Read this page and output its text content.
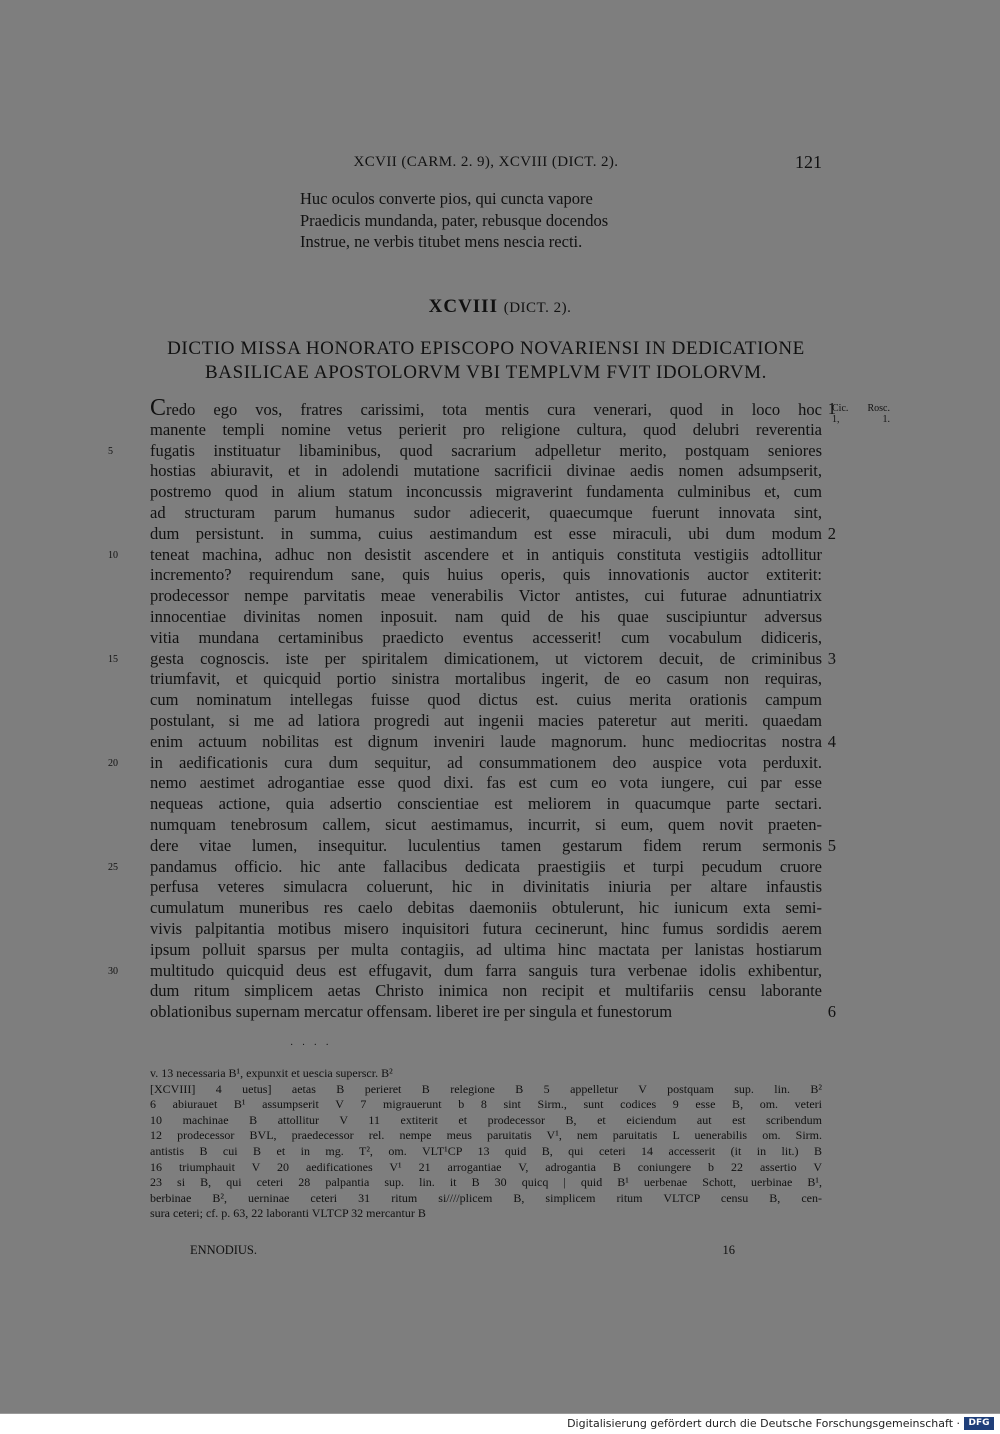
XCVII (CARM. 2. 9), XCVIII (DICT. 2).	121
Huc oculos converte pios, qui cuncta vapore
Praedicis mundanda, pater, rebusque docendos
Instrue, ne verbis titubet mens nescia recti.
XCVIII (DICT. 2).
DICTIO MISSA HONORATO EPISCOPO NOVARIENSI IN DEDICATIONE
BASILICAE APOSTOLORVM VBI TEMPLVM FVIT IDOLORVM.
Credo ego vos, fratres carissimi, tota mentis cura venerari, quod in loco hoc 1
Cic. Rosc.
1, 1.
manente templi nomine vetus perierit pro religione cultura, quod delubri reverentia
fugatis instituatur libaminibus, quod sacrarium adpelletur merito, postquam seniores
5
hostias abiuravit, et in adolendi mutatione sacrificii divinae aedis nomen adsumpserit,
postremo quod in alium statum inconcussis migraverint fundamenta culminibus et, cum
ad structuram parum humanus sudor adiecerit, quaecumque fuerunt innovata sint,
dum persistunt. in summa, cuius aestimandum est esse miraculi, ubi dum modum 2
teneat machina, adhuc non desistit ascendere et in antiquis constituta vestigiis adtollitur
10
incremento? requirendum sane, quis huius operis, quis innovationis auctor extiterit:
prodecessor nempe parvitatis meae venerabilis Victor antistes, cui futurae adnuntiatrix
innocentiae divinitas nomen inposuit. nam quid de his quae suscipiuntur adversus
vitia mundana certaminibus praedicto eventus accesserit! cum vocabulum didiceris,
gesta cognoscis. iste per spiritalem dimicationem, ut victorem decuit, de criminibus
15	3
triumfavit, et quicquid portio sinistra mortalibus ingerit, de eo casum non requiras,
cum nominatum intellegas fuisse quod dictus est. cuius merita orationis campum
postulant, si me ad latiora progredi aut ingenii macies pateretur aut meriti. quaedam
enim actuum nobilitas est dignum inveniri laude magnorum. hunc mediocritas nostra 4
in aedificationis cura dum sequitur, ad consummationem deo auspice vota perduxit.
20
nemo aestimet adrogantiae esse quod dixi. fas est cum eo vota iungere, cui par esse
nequeas actione, quia adsertio conscientiae est meliorem in quacumque parte sectari.
numquam tenebrosum callem, sicut aestimamus, incurrit, si eum, quem novit praeten-
dere vitae lumen, insequitur. luculentius tamen gestarum fidem rerum sermonis 5
pandamus officio. hic ante fallacibus dedicata praestigiis et turpi pecudum cruore
25
perfusa veteres simulacra coluerunt, hic in divinitatis iniuria per altare infaustis
cumulatum muneribus res caelo debitas daemoniis obtulerunt, hic iunicum exta semi-
vivis palpitantia motibus misero inquisitori futura cecinerunt, hinc fumus sordidis aerem
ipsum polluit sparsus per multa contagiis, ad ultima hinc mactata per lanistas hostiarum
multitudo quicquid deus est effugavit, dum farra sanguis tura verbenae idolis exhibentur,
30
dum ritum simplicem aetas Christo inimica non recipit et multifariis censu laborante
oblationibus supernam mercatur offensam. liberet ire per singula et funestorum	6
· · · ·
v. 13 necessaria B¹, expunxit et uescia superscr. B²
[XCVIII] 4 uetus] aetas B perieret B relegione B 5 appelletur V postquam sup. lin. B²
6 abiurauet B¹ assumpserit V 7 migrauerunt b 8 sint Sirm., sunt codices 9 esse B, om. veteri
10 machinae B attollitur V 11 extiterit et prodecessor B, et eiciendum aut est scribendum
12 prodecessor BVL, praedecessor rel. nempe meus paruitatis V¹, nem paruitatis L uenerabilis om. Sirm.
antistis B cui B et in mg. T², om. VLT¹CP 13 quid B, qui ceteri 14 accesserit (it in lit.) B
16 triumphauit V 20 aedificationes V¹ 21 arrogantiae V, adrogantia B coniungere b 22 assertio V
23 si B, qui ceteri 28 palpantia sup. lin. it B 30 quicq | quid B¹ uerbenae Schott, uerbinae B¹,
berbinae B², uerninae ceteri 31 ritum si////plicem B, simplicem ritum VLTCP censu B, cen-
sura ceteri; cf. p. 63, 22 laboranti VLTCP 32 mercantur B
ENNODIUS.	16
Digitalisierung gefördert durch die Deutsche Forschungsgemeinschaft · DFG
